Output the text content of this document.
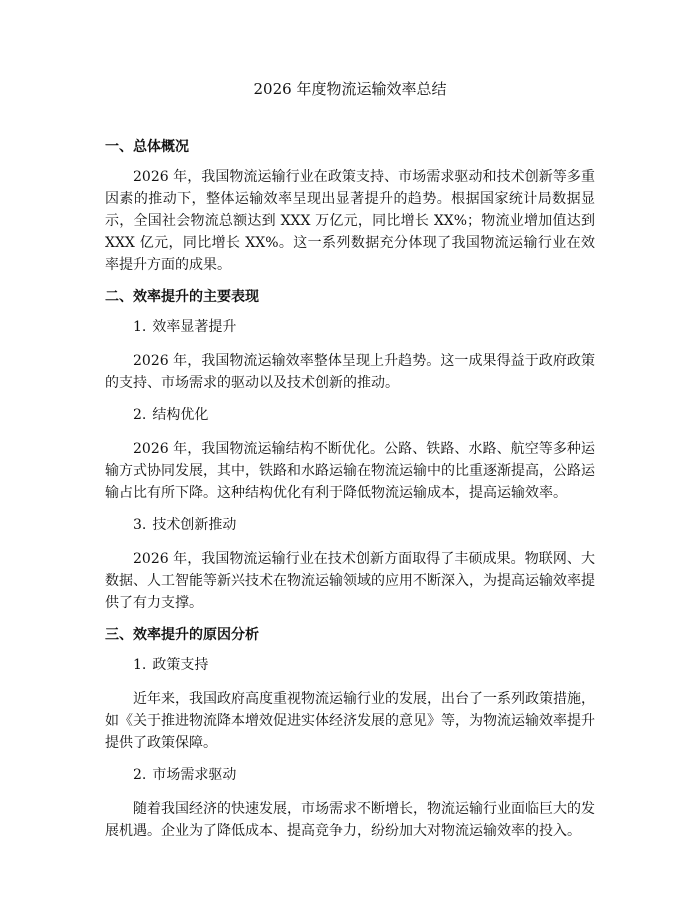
2026 年度物流运输效率总结
一、总体概况

2026 年，我国物流运输行业在政策支持、市场需求驱动和技术创新等多重因素的推动下，整体运输效率呈现出显著提升的趋势。根据国家统计局数据显示，全国社会物流总额达到 XXX 万亿元，同比增长 XX%；物流业增加值达到 XXX 亿元，同比增长 XX%。这一系列数据充分体现了我国物流运输行业在效率提升方面的成果。

二、效率提升的主要表现
1. 效率显著提升

2026 年，我国物流运输效率整体呈现上升趋势。这一成果得益于政府政策的支持、市场需求的驱动以及技术创新的推动。

2. 结构优化

2026 年，我国物流运输结构不断优化。公路、铁路、水路、航空等多种运输方式协同发展，其中，铁路和水路运输在物流运输中的比重逐渐提高，公路运输占比有所下降。这种结构优化有利于降低物流运输成本，提高运输效率。

3. 技术创新推动

2026 年，我国物流运输行业在技术创新方面取得了丰硕成果。物联网、大数据、人工智能等新兴技术在物流运输领域的应用不断深入，为提高运输效率提供了有力支撑。

三、效率提升的原因分析
1. 政策支持

近年来，我国政府高度重视物流运输行业的发展，出台了一系列政策措施，如《关于推进物流降本增效促进实体经济发展的意见》等，为物流运输效率提升提供了政策保障。

2. 市场需求驱动

随着我国经济的快速发展，市场需求不断增长，物流运输行业面临巨大的发展机遇。企业为了降低成本、提高竞争力，纷纷加大对物流运输效率的投入。
